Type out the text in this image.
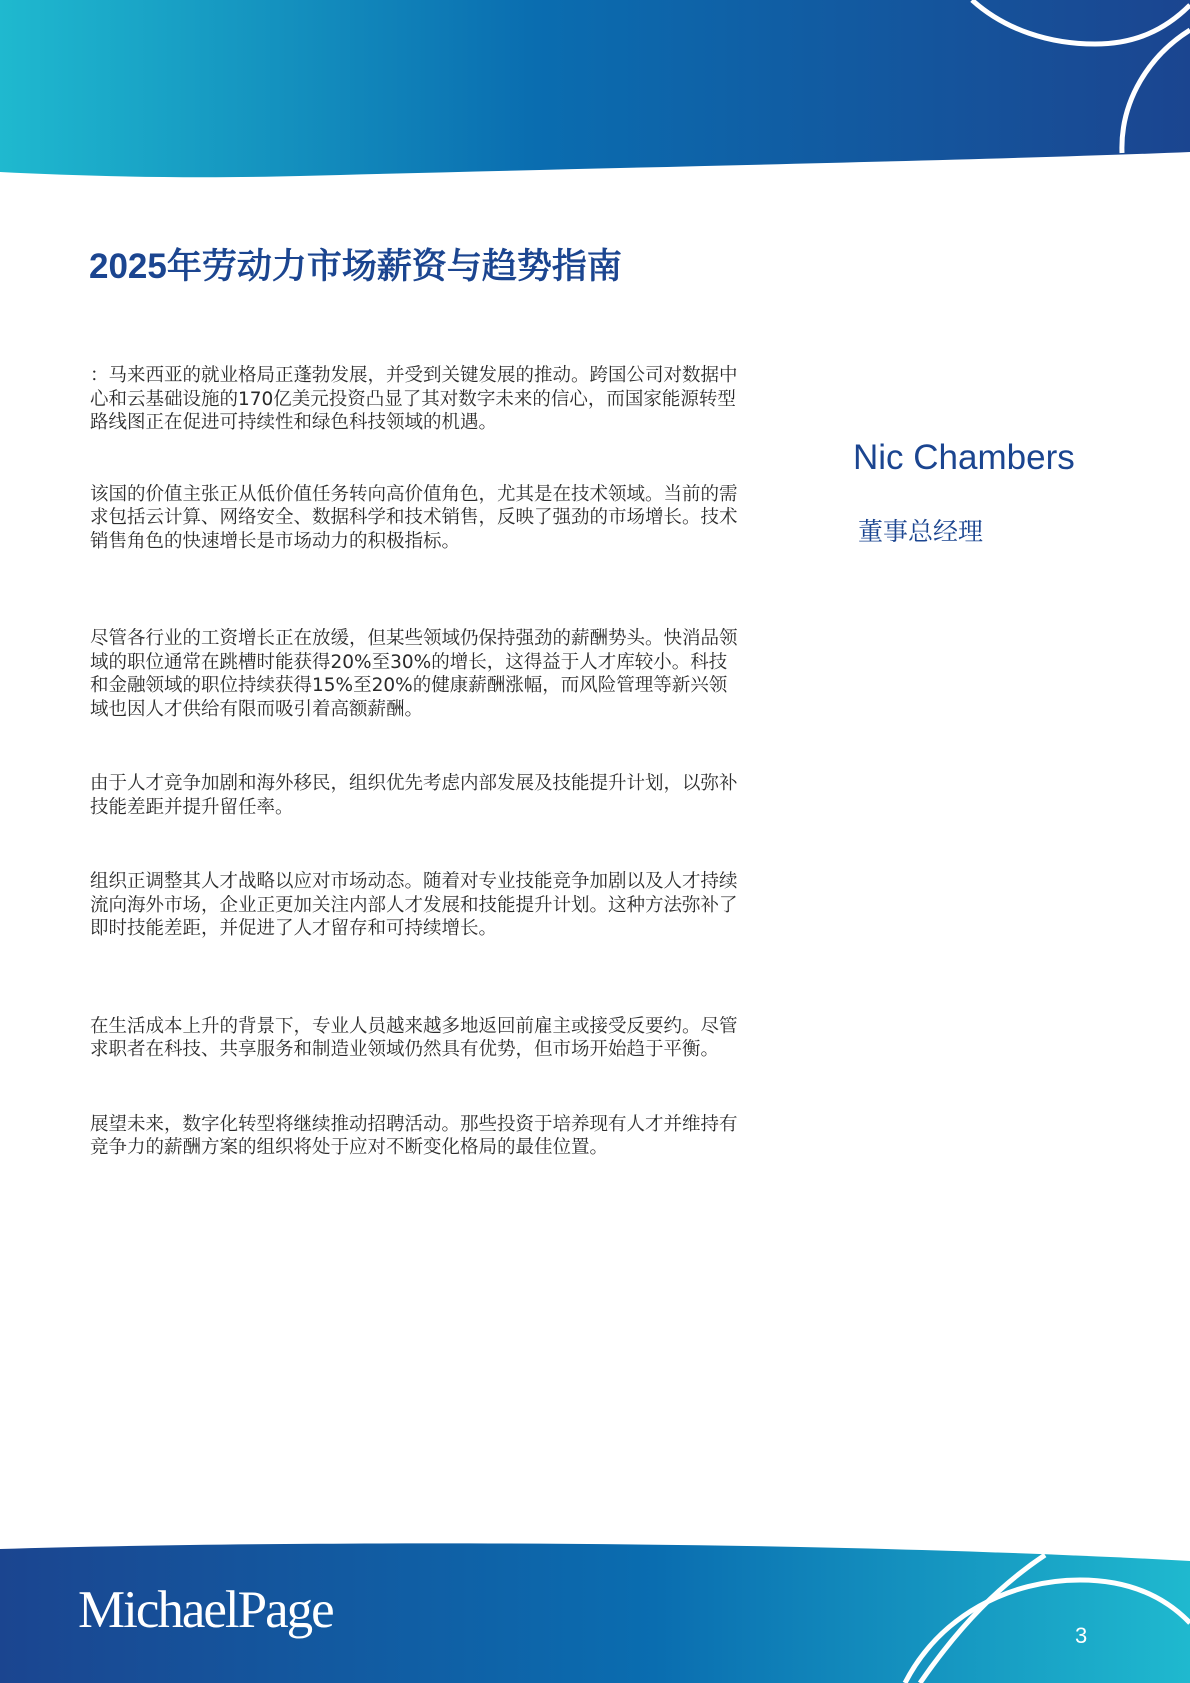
2025年劳动力市场薪资与趋势指南

：马来西亚的就业格局正蓬勃发展，并受到关键发展的推动。跨国公司对数据中心和云基础设施的170亿美元投资凸显了其对数字未来的信心，而国家能源转型路线图正在促进可持续性和绿色科技领域的机遇。

该国的价值主张正从低价值任务转向高价值角色，尤其是在技术领域。当前的需求包括云计算、网络安全、数据科学和技术销售，反映了强劲的市场增长。技术销售角色的快速增长是市场动力的积极指标。

尽管各行业的工资增长正在放缓，但某些领域仍保持强劲的薪酬势头。快消品领域的职位通常在跳槽时能获得20%至30%的增长，这得益于人才库较小。科技和金融领域的职位持续获得15%至20%的健康薪酬涨幅，而风险管理等新兴领域也因人才供给有限而吸引着高额薪酬。

由于人才竞争加剧和海外移民，组织优先考虑内部发展及技能提升计划，以弥补技能差距并提升留任率。

组织正调整其人才战略以应对市场动态。随着对专业技能竞争加剧以及人才持续流向海外市场，企业正更加关注内部人才发展和技能提升计划。这种方法弥补了即时技能差距，并促进了人才留存和可持续增长。

在生活成本上升的背景下，专业人员越来越多地返回前雇主或接受反要约。尽管求职者在科技、共享服务和制造业领域仍然具有优势，但市场开始趋于平衡。

展望未来，数字化转型将继续推动招聘活动。那些投资于培养现有人才并维持有竞争力的薪酬方案的组织将处于应对不断变化格局的最佳位置。

Nic Chambers

董事总经理

MichaelPage	3
